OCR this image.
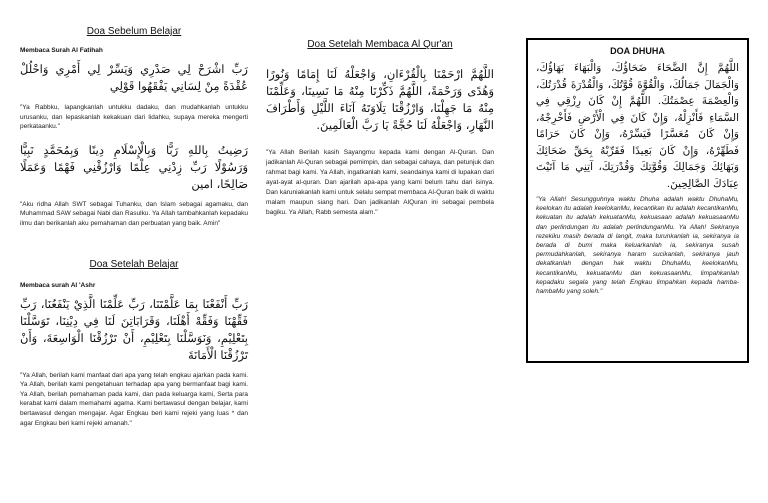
Doa Sebelum Belajar

Membaca Surah Al Fatihah

رَبِّ اشْرَحْ لِي صَدْرِي وَيَسِّرْ لِي أَمْرِي وَاحْلُلْ عُقْدَةً مِنْ لِسَانِي يَفْقَهُوا قَوْلِي

"Ya Rabbku, lapangkanlah untukku dadaku, dan mudahkanlah untukku urusanku, dan lepaskanlah kekakuan dari lidahku, supaya mereka mengerti perkataanku."

رَضِيتُ بِاللهِ رَبًّا وَبِالْإِسْلَامِ دِينًا وَبِمُحَمَّدٍ نَبِيًّا وَرَسُوْلًا رَبِّ زِدْنِي عِلْمًا وَارْزُقْنِي فَهْمًا وَعَمَلًا صَالِحًا، امين

"Aku ridha Allah SWT sebagai Tuhanku, dan Islam sebagai agamaku, dan Muhammad SAW sebagai Nabi dan Rasulku. Ya Allah tambahkanlah kepadaku ilmu dan berikanlah aku pemahaman dan perbuatan yang baik. Amin"

Doa Setelah Belajar

Membaca surah Al 'Ashr

رَبِّ أَنْفَعْنَا بِمَا عَلَّمْتَنَا، رَبِّ عَلِّمْنَا الَّذِيْ يَنْفَعُنَا، رَبِّ فَقِّهْنَا وَفَقِّهْ أَهْلَنَا، وَقَرَابَاتِنَ لَنَا فِي دِيْنِنَا، تَوَسَّلْنَا بِتَعْلِيْمِ، وَنَوَسَّلْنَا بِتَعْلِيْمِ، أَنْ تَرْزُقْنَا الْوَاسِعَةَ، وَأَنْ تَرْزُقْنَا الْأَمَانَةَ

"Ya Allah, berilah kami manfaat dari apa yang telah engkau ajarkan pada kami. Ya Allah, berilah kami pengetahuan terhadap apa yang bermanfaat bagi kami. Ya Allah, berilah pemahaman pada kami, dan pada keluarga kami, Serta para kerabat kami dalam memahami agama. Kami bertawasul dengan belajar, kami bertawasul dengan mengajar. Agar Engkau beri kami rejeki yang luas * dan agar Engkau beri kami rejeki amanah."

Doa Setelah Membaca Al Qur'an

اللَّهُمَّ ارْحَمْنَا بِالْقُرْءَانِ، وَاجْعَلْهُ لَنَا إِمَامًا وَنُورًا وَهُدًى وَرَحْمَةً، اللَّهُمَّ ذَكِّرْنَا مِنْهُ مَا نَسِينَا، وَعَلِّمْنَا مِنْهُ مَا جَهِلْنَا، وَارْزُقْنَا تِلَاوَتَهُ آنَاءَ اللَّيْلِ وَأَطْرَافَ النَّهَارِ، وَاجْعَلْهُ لَنَا حُجَّةً يَا رَبَّ الْعَالَمِينَ.

"Ya Allah Berilah kasih Sayangmu kepada kami dengan Al-Quran. Dan jadikanlah Al-Quran sebagai pemimpin, dan sebagai cahaya, dan petunjuk dan rahmat bagi kami. Ya Allah, ingatkanlah kami, seandainya kami di lupakan dari ayat-ayat al-quran. Dan ajarilah apa-apa yang kami belum tahu dari isinya. Dan karuniakanlah kami untuk selalu sempat membaca Al-Quran baik di waktu malam maupun siang hari. Dan jadikanlah AlQuran ini sebagai pembela bagiku. Ya Allah, Rabb semesta alam."

DOA DHUHA

اللَّهُمَّ إِنَّ الضَّحَاءَ ضَحَاؤُكَ، وَالْبَهَاءَ بَهَاؤُكَ، وَالْجَمَالَ جَمَالُكَ، وَالْقُوَّةَ قُوَّتُكَ، وَالْقُدْرَةَ قُدْرَتُكَ، وَالْعِصْمَةَ عِصْمَتُكَ. اللَّهُمَّ إِنْ كَانَ رِزْقِي فِي السَّمَاءِ فَأَنْزِلْهُ، وَإِنْ كَانَ فِي الْأَرْضِ فَأَخْرِجْهُ، وَإِنْ كَانَ مُعَسَّرًا فَيَسِّرْهُ، وَإِنْ كَانَ حَرَامًا فَطَهِّرْهُ، وَإِنْ كَانَ بَعِيدًا فَقَرِّبْهُ بِحَقِّ ضَحَائِكَ وَبَهَائِكَ وَجَمَالِكَ وَقُوَّتِكَ وَقُدْرَتِكَ، آتِنِي مَا آتَيْتَ عِبَادَكَ الصَّالِحِينَ.

"Ya Allah! Sesungguhnya waktu Dhuha adalah waktu DhuhaMu, keelokan itu adalah keelokanMu, kecantikan itu adalah kecantikanMu, kekuatan itu adalah kekuatanMu, kekuasaan adalah kekuasaanMu dan perlindungan itu adalah perlindunganMu. Ya Allah! Sekiranya rezekiku masih berada di langit, maka turunkanlah ia, sekiranya ia berada di bumi maka keluarkanlah ia, sekiranya susah permudahkanlah, sekiranya haram sucikanlah, sekiranya jauh dekatkanlah dengan hak waktu DhuhaMu, keelokanMu, kecantikanMu, kekuatanMu dan kekuasaanMu, limpahkanlah kepadaku segala yang telah Engkau limpahkan kepada hamba-hambaMu yang soleh."
